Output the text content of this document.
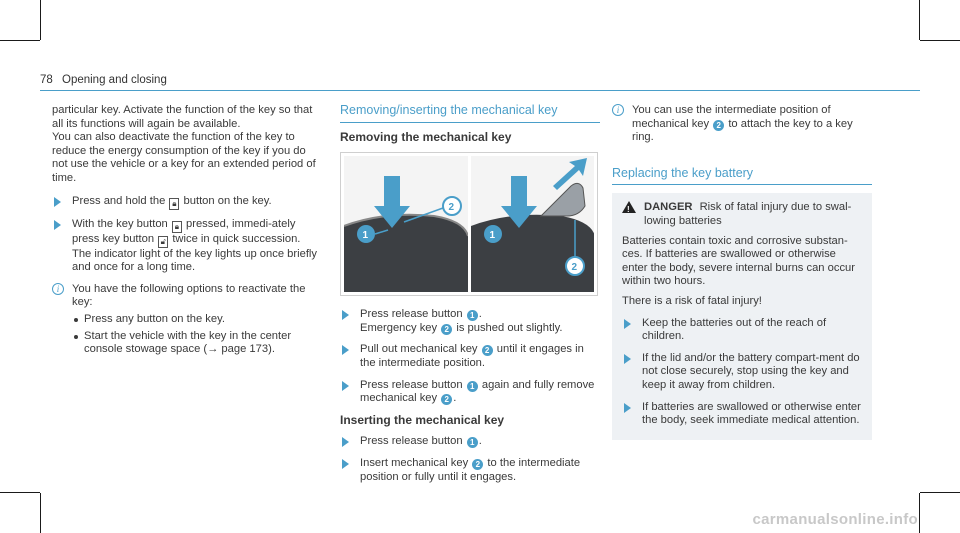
78 Opening and closing

particular key. Activate the function of the key so that all its functions will again be available.

You can also deactivate the function of the key to reduce the energy consumption of the key if you do not use the vehicle or a key for an extended period of time.

Press and hold the 🔒︎ button on the key.
With the key button 🔒︎ pressed, immedi-ately press key button 🔓︎ twice in quick succession.
The indicator light of the key lights up once briefly and once for a long time.
i	You have the following options to reactivate the key:
Press any button on the key.
Start the vehicle with the key in the center console stowage space (→ page 173).
Removing/inserting the mechanical key
Removing the mechanical key
1
2
1
2
Press release button 1 .
Emergency key 2 is pushed out slightly.
Pull out mechanical key 2 until it engages in the intermediate position.
Press release button 1 again and fully remove mechanical key 2 .
Inserting the mechanical key
Press release button 1 .
Insert mechanical key 2 to the intermediate position or fully until it engages.
i	You can use the intermediate position of mechanical key 2 to attach the key to a key ring.
Replacing the key battery
!
DANGER Risk of fatal injury due to swal-lowing batteries

Batteries contain toxic and corrosive substan-ces. If batteries are swallowed or otherwise enter the body, severe internal burns can occur within two hours.

There is a risk of fatal injury!

Keep the batteries out of the reach of children.
If the lid and/or the battery compart-ment do not close securely, stop using the key and keep it away from children.
If batteries are swallowed or otherwise enter the body, seek immediate medical attention.
carmanualsonline.info
